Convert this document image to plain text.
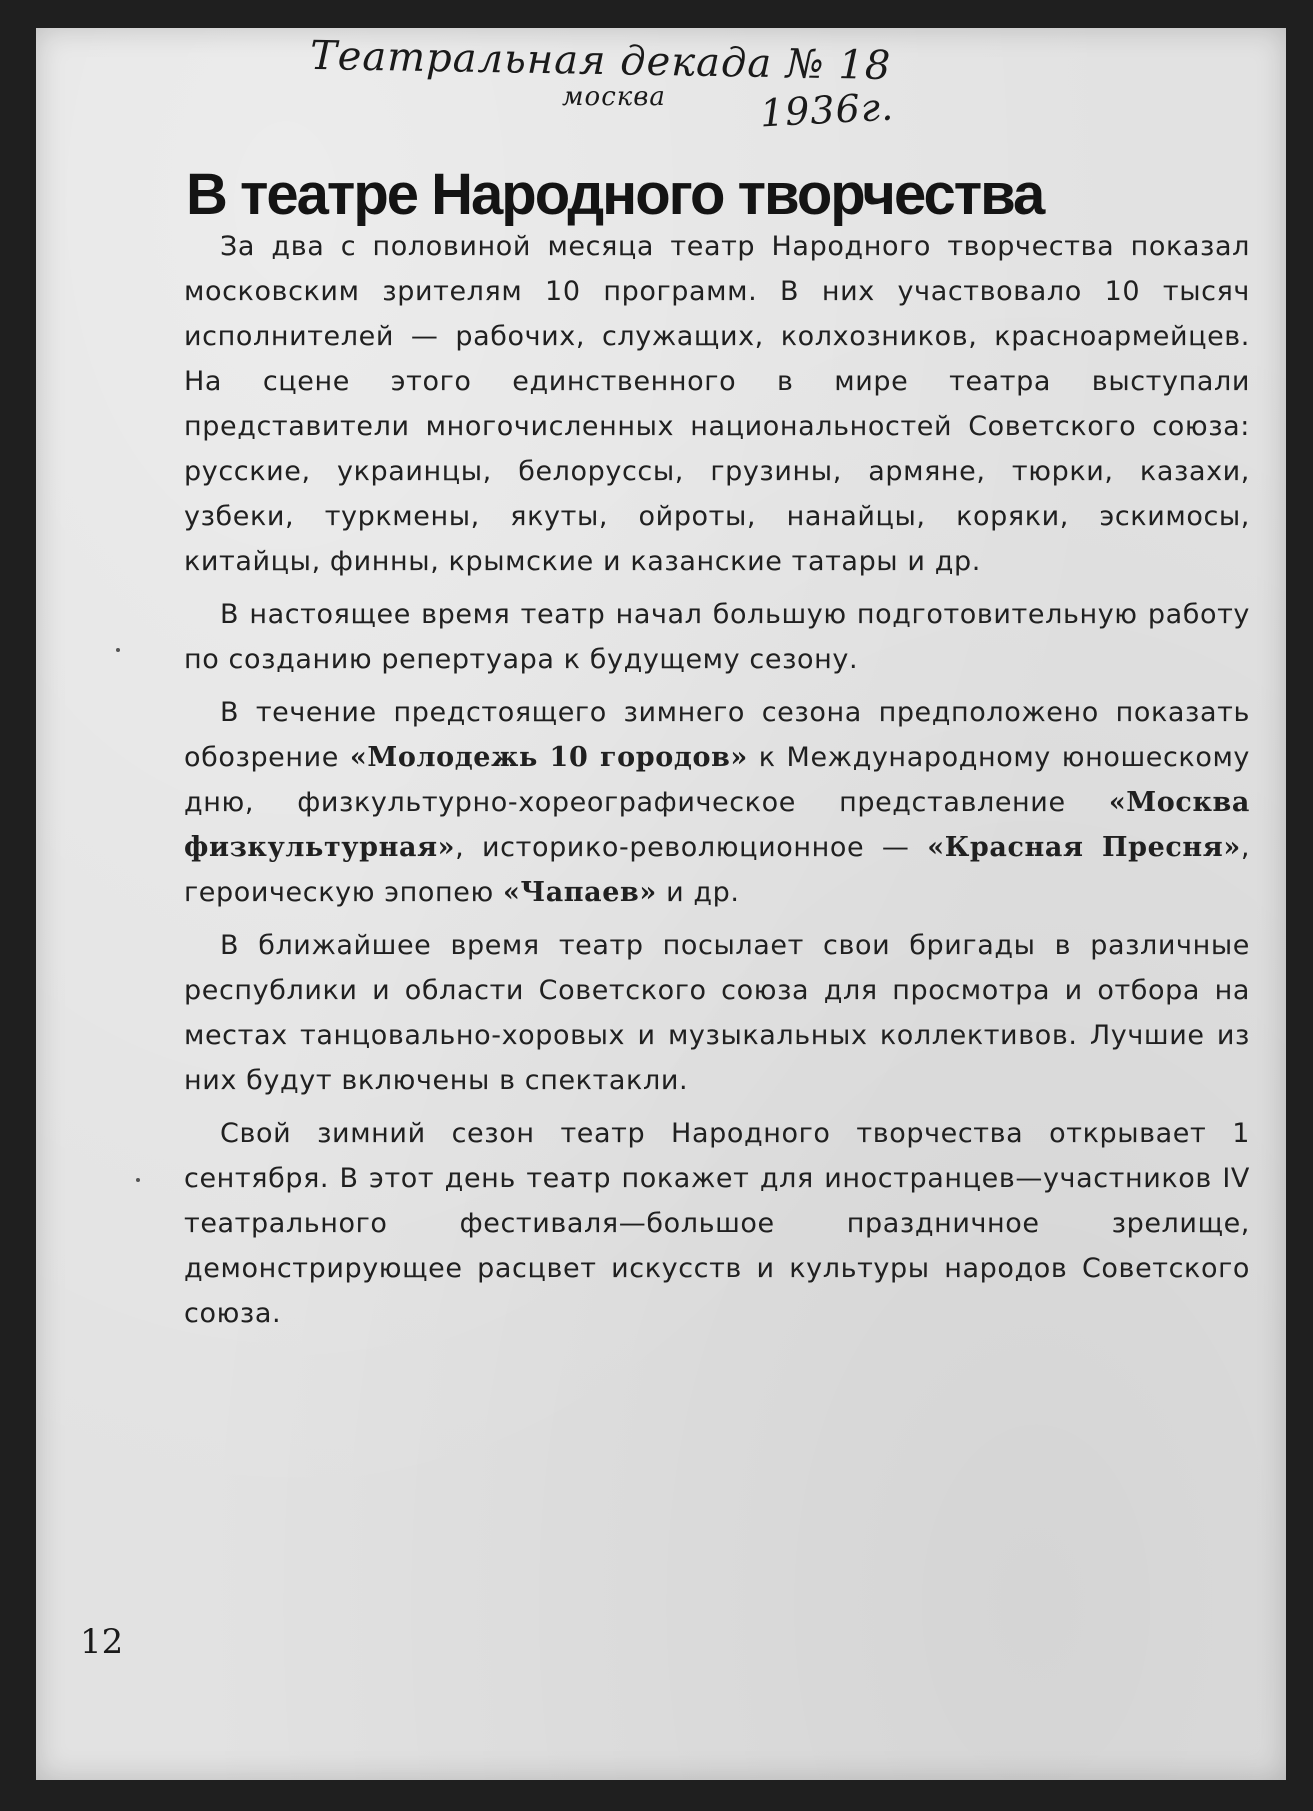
Театральная декада № 18
москва 1936г.
В театре Народного творчества

За два с половиной месяца театр Народного творчества показал московским зрителям 10 программ. В них участвовало 10 тысяч исполнителей — рабочих, служащих, колхозников, красноармейцев. На сцене этого единственного в мире театра выступали представители многочисленных национальностей Советского союза: русские, украинцы, белоруссы, грузины, армяне, тюрки, казахи, узбеки, туркмены, якуты, ойроты, нанайцы, коряки, эскимосы, китайцы, финны, крымские и казанские татары и др.

В настоящее время театр начал большую подготовительную работу по созданию репертуара к будущему сезону.

В течение предстоящего зимнего сезона предположено показать обозрение «Молодежь 10 городов» к Международному юношескому дню, физкультурно-хореографическое представление «Москва физкультурная», историко-революционное — «Красная Пресня», героическую эпопею «Чапаев» и др.

В ближайшее время театр посылает свои бригады в различные республики и области Советского союза для просмотра и отбора на местах танцовально-хоровых и музыкальных коллективов. Лучшие из них будут включены в спектакли.

Свой зимний сезон театр Народного творчества открывает 1 сентября. В этот день театр покажет для иностранцев—участников IV театрального фестиваля—большое праздничное зрелище, демонстрирующее расцвет искусств и культуры народов Советского союза.

12
